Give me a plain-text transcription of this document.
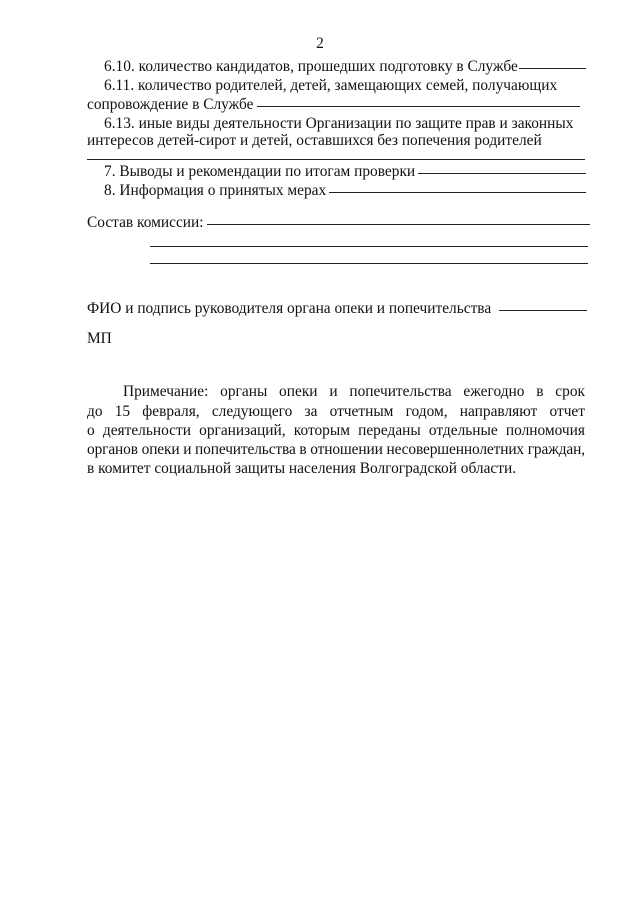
2
6.10. количество кандидатов, прошедших подготовку в Службе
6.11. количество родителей, детей, замещающих семей, получающих
сопровождение в Службе
6.13. иные виды деятельности Организации по защите прав и законных
интересов детей-сирот и детей, оставшихся без попечения родителей
7. Выводы и рекомендации по итогам проверки
8. Информация о принятых мерах
Состав комиссии:
ФИО и подпись руководителя органа опеки и попечительства
МП
Примечание: органы опеки и попечительства ежегодно в срок
до 15 февраля, следующего за отчетным годом, направляют отчет
о деятельности организаций, которым переданы отдельные полномочия
органов опеки и попечительства в отношении несовершеннолетних граждан,
в комитет социальной защиты населения Волгоградской области.
